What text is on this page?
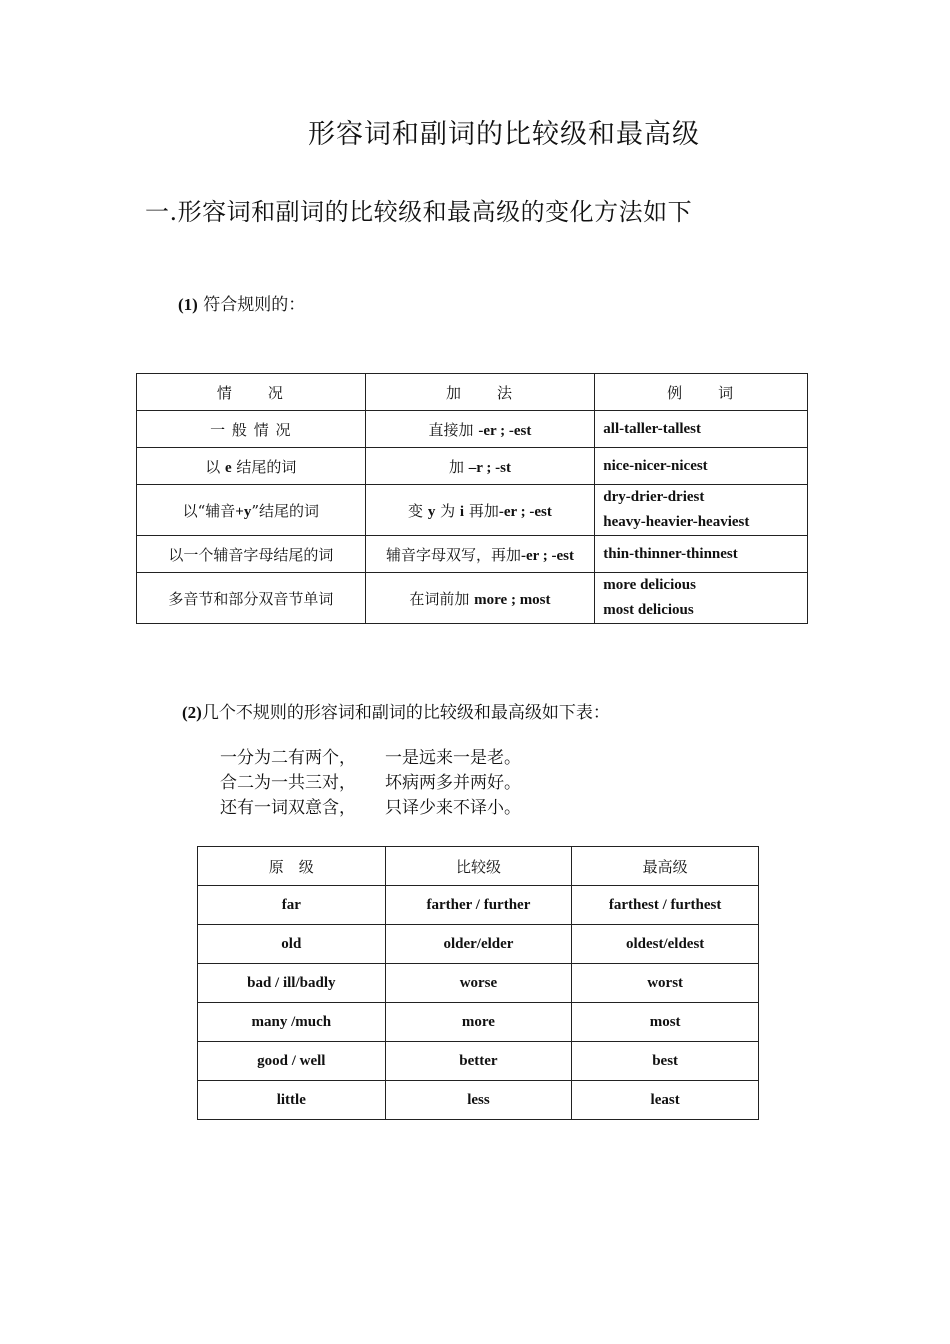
形容词和副词的比较级和最高级
一.形容词和副词的比较级和最高级的变化方法如下
(1) 符合规则的：
情　　况	加　　法	例　　词
一 般 情 况	直接加 -er ; -est	all-taller-tallest
以 e 结尾的词	加 –r ; -st	nice-nicer-nicest
以“辅音+y”结尾的词	变 y 为 i 再加-er ; -est	dry-drier-driest
heavy-heavier-heaviest

以一个辅音字母结尾的词	辅音字母双写，再加-er ; -est	thin-thinner-thinnest
多音节和部分双音节单词	在词前加 more ; most	more delicious
most delicious
(2)几个不规则的形容词和副词的比较级和最高级如下表：
一分为二有两个， 一是远来一是老。
合二为一共三对， 坏病两多并两好。
还有一词双意含， 只译少来不译小。
原　级	比较级	最高级
far	farther / further	farthest / furthest
old	older/elder	oldest/eldest
bad / ill/badly	worse	worst
many /much	more	most
good / well	better	best
little	less	least
